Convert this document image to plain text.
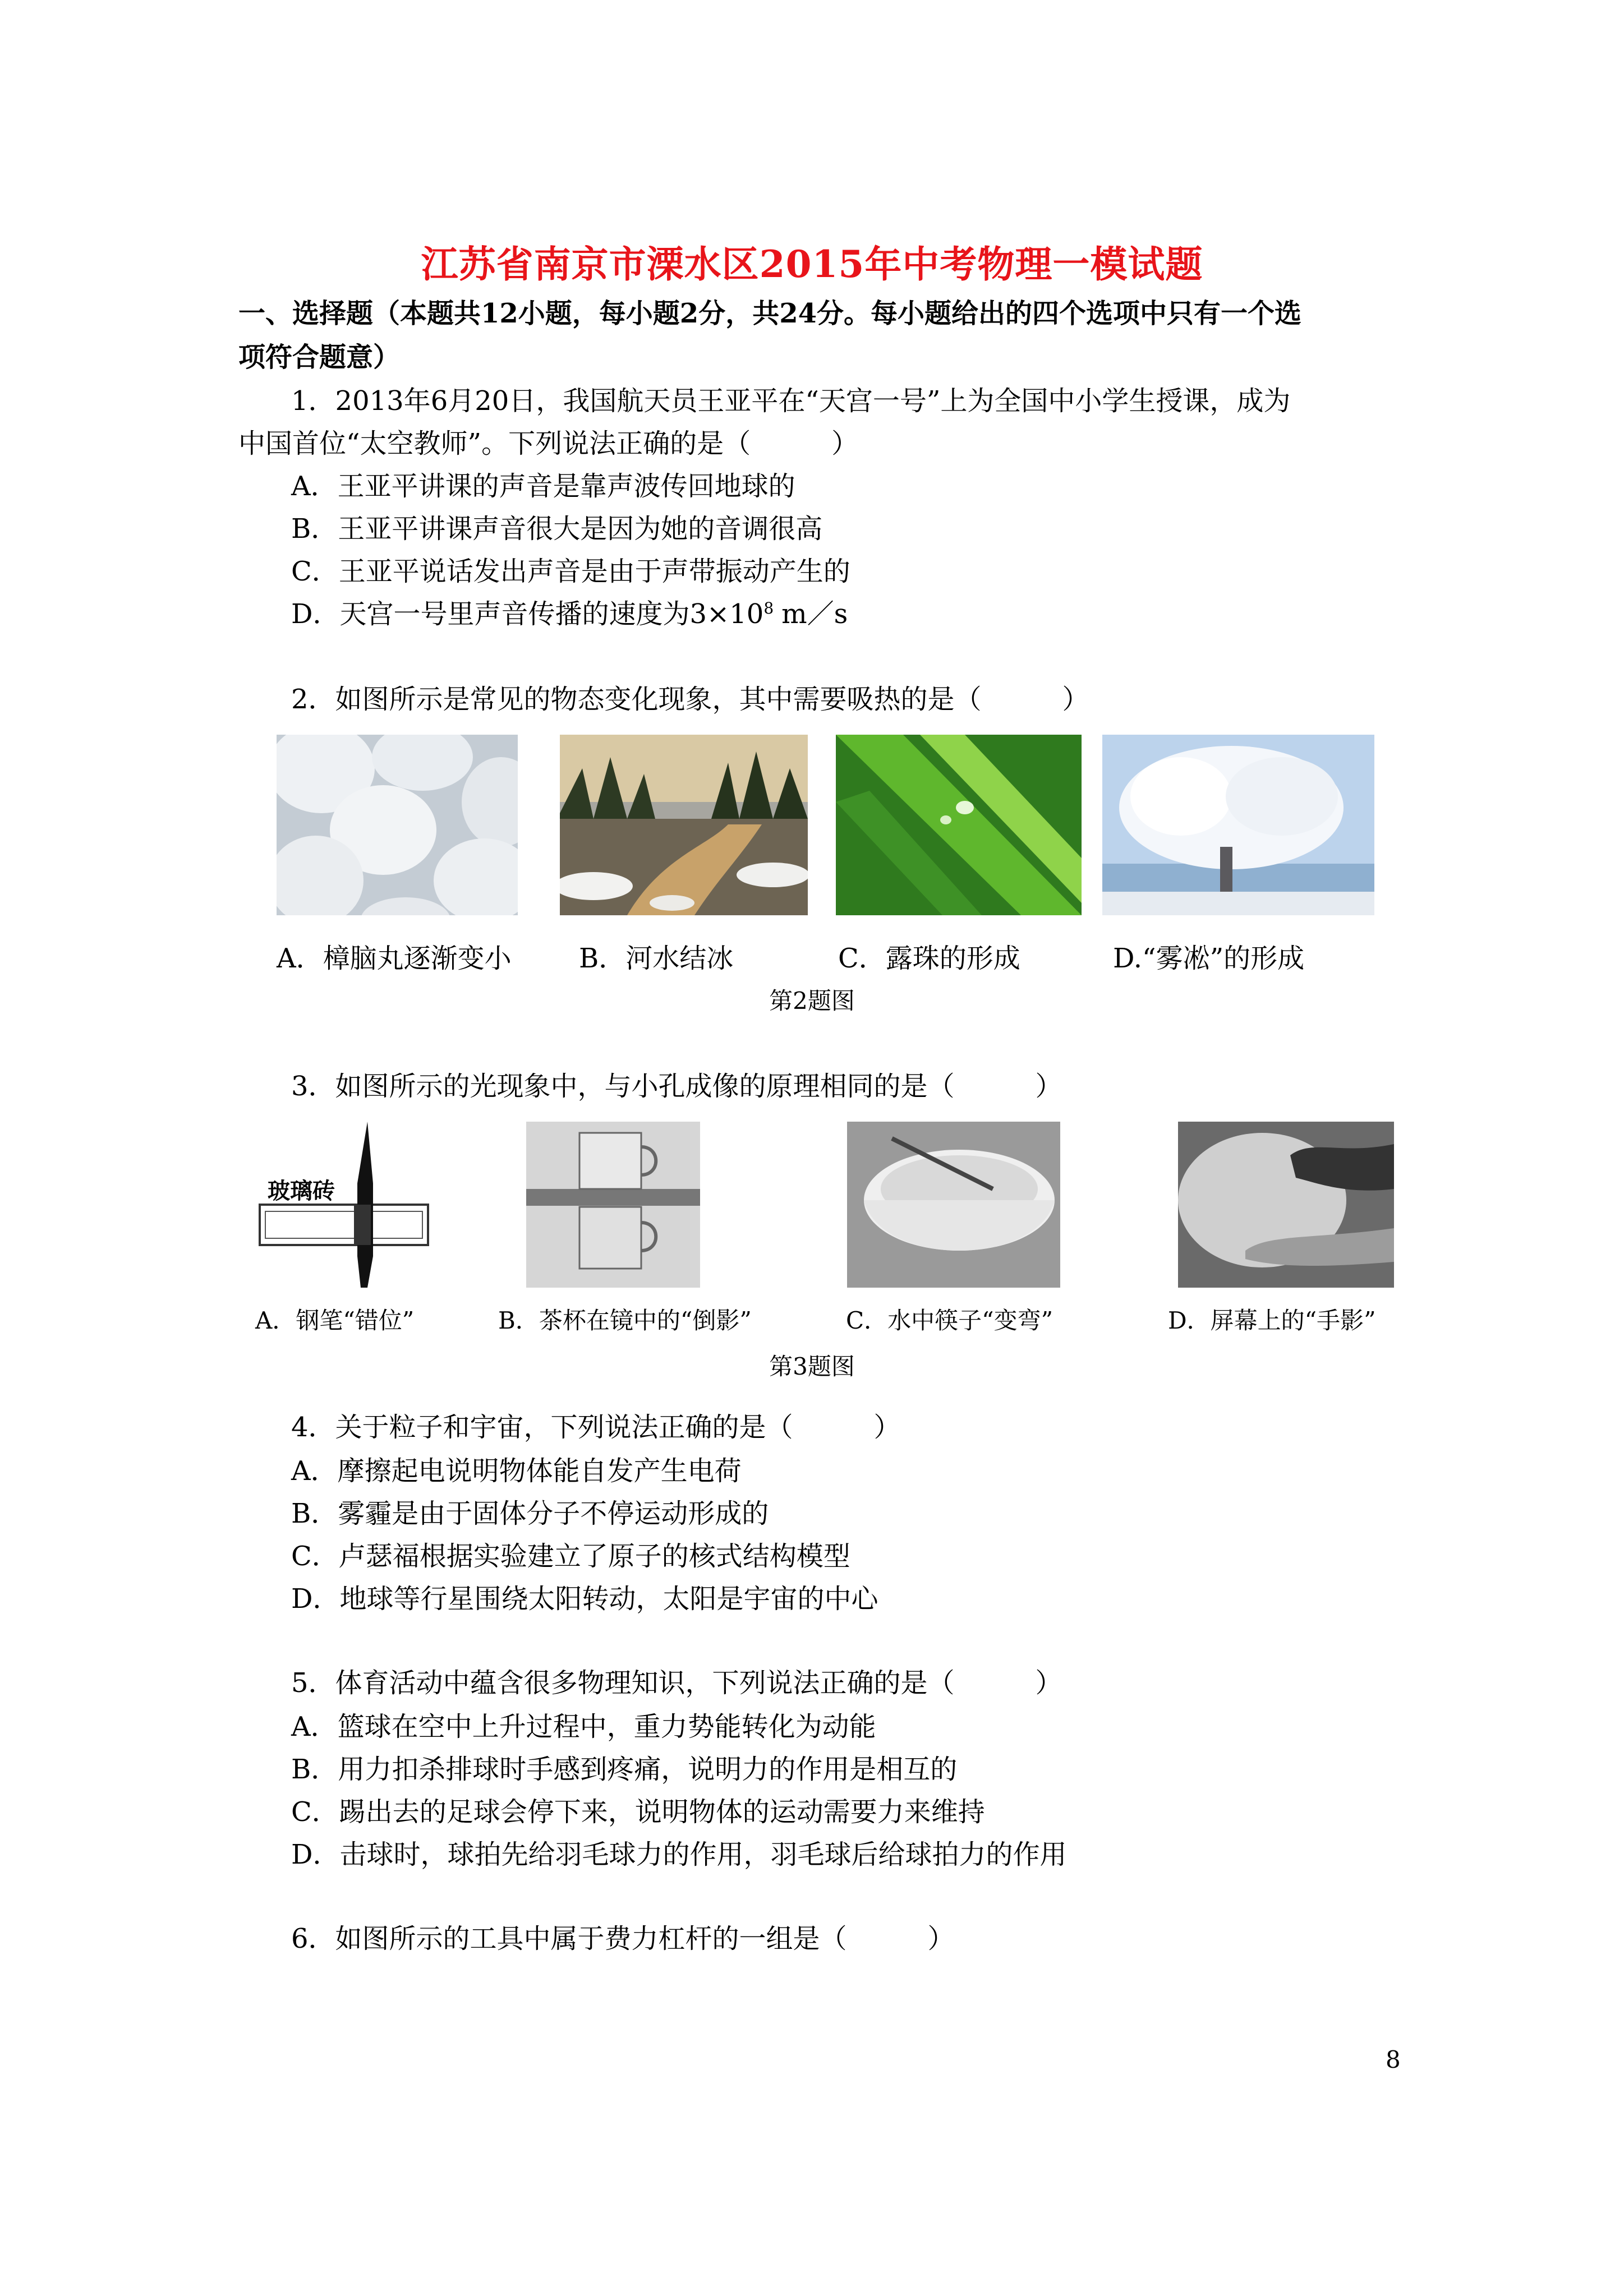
江苏省南京市溧水区2015年中考物理一模试题
一、选择题（本题共12小题，每小题2分，共24分。每小题给出的四个选项中只有一个选
项符合题意）
1．2013年6月20日，我国航天员王亚平在“天宫一号”上为全国中小学生授课，成为
中国首位“太空教师”。下列说法正确的是（　　　）
A．王亚平讲课的声音是靠声波传回地球的
B．王亚平讲课声音很大是因为她的音调很高
C．王亚平说话发出声音是由于声带振动产生的
D．天宫一号里声音传播的速度为$3\times 10^8$ m／s
2．如图所示是常见的物态变化现象，其中需要吸热的是（　　　）
A．樟脑丸逐渐变小	B．河水结冰	C．露珠的形成	D.“雾凇”的形成
第2题图
3．如图所示的光现象中，与小孔成像的原理相同的是（　　　）
玻璃砖
A．钢笔“错位”	B．茶杯在镜中的“倒影”	C．水中筷子“变弯”	D．屏幕上的“手影”
第3题图
4．关于粒子和宇宙，下列说法正确的是（　　　）
A．摩擦起电说明物体能自发产生电荷
B．雾霾是由于固体分子不停运动形成的
C．卢瑟福根据实验建立了原子的核式结构模型
D．地球等行星围绕太阳转动，太阳是宇宙的中心
5．体育活动中蕴含很多物理知识，下列说法正确的是（　　　）
A．篮球在空中上升过程中，重力势能转化为动能
B．用力扣杀排球时手感到疼痛，说明力的作用是相互的
C．踢出去的足球会停下来，说明物体的运动需要力来维持
D．击球时，球拍先给羽毛球力的作用，羽毛球后给球拍力的作用
6．如图所示的工具中属于费力杠杆的一组是（　　　）
8
